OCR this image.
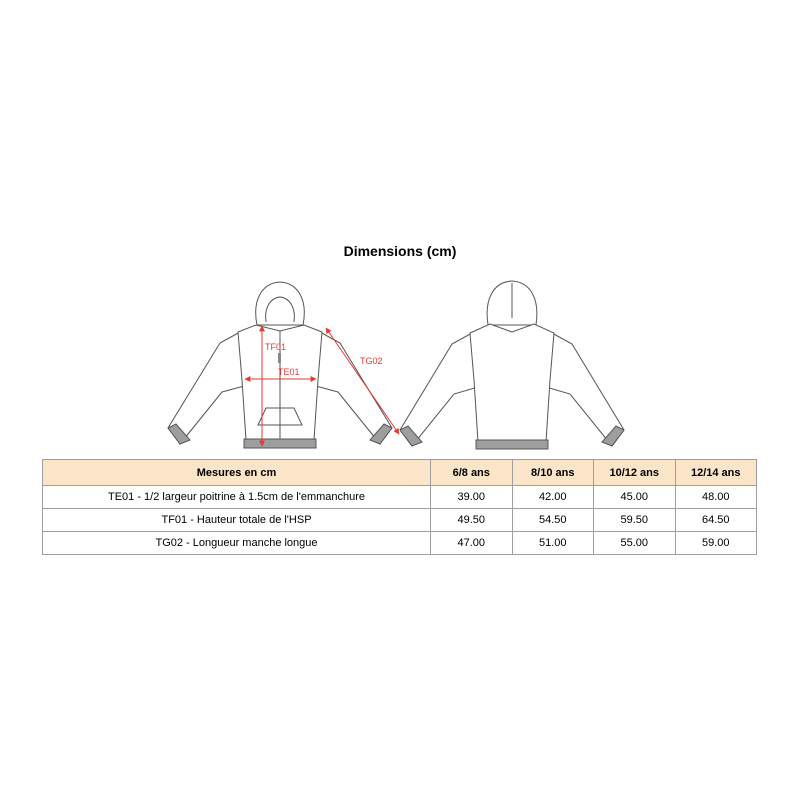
Dimensions (cm)
TF01
TE01
TG02
Mesures en cm	6/8 ans	8/10 ans	10/12 ans	12/14 ans
TE01 - 1/2 largeur poitrine à 1.5cm de l'emmanchure	39.00	42.00	45.00	48.00
TF01 - Hauteur totale de l'HSP	49.50	54.50	59.50	64.50
TG02 - Longueur manche longue	47.00	51.00	55.00	59.00
